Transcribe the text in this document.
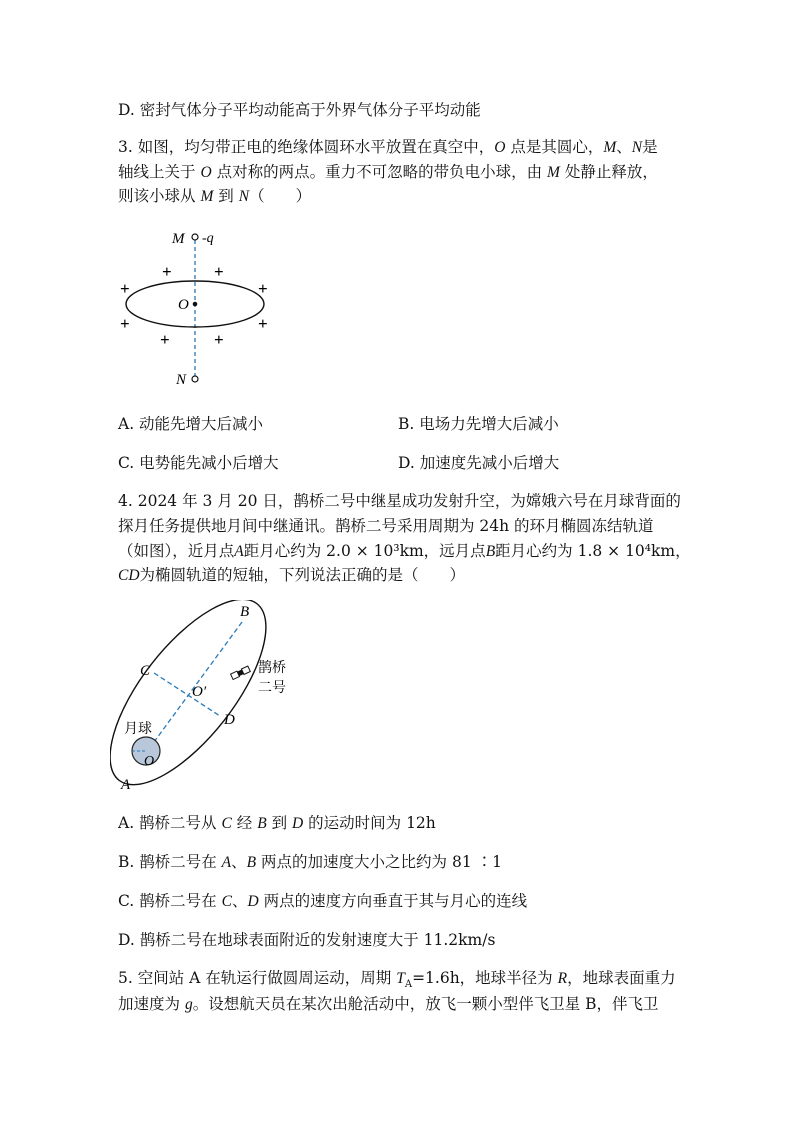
D. 密封气体分子平均动能高于外界气体分子平均动能
3. 如图，均匀带正电的绝缘体圆环水平放置在真空中，O 点是其圆心，M、N是
轴线上关于 O 点对称的两点。重力不可忽略的带负电小球，由 M 处静止释放，
则该小球从 M 到 N（　　）
M -q
O
N
+ +
+	+
+	+
+	+
A. 动能先增大后减小	B. 电场力先增大后减小
C. 电势能先减小后增大	D. 加速度先减小后增大
4. 2024 年 3 月 20 日，鹊桥二号中继星成功发射升空，为嫦娥六号在月球背面的
探月任务提供地月间中继通讯。鹊桥二号采用周期为 24h 的环月椭圆冻结轨道
（如图），近月点A距月心约为 2.0 × 10³km，远月点B距月心约为 1.8 × 10⁴km，
CD为椭圆轨道的短轴，下列说法正确的是（　　）
B
C
O′
D
月球
O
A
鹊桥
二号
A. 鹊桥二号从 C 经 B 到 D 的运动时间为 12h
B. 鹊桥二号在 A、B 两点的加速度大小之比约为 81 ∶1
C. 鹊桥二号在 C、D 两点的速度方向垂直于其与月心的连线
D. 鹊桥二号在地球表面附近的发射速度大于 11.2km/s
5. 空间站 A 在轨运行做圆周运动，周期 $T_A=1.6h$，地球半径为 R，地球表面重力
加速度为 g。设想航天员在某次出舱活动中，放飞一颗小型伴飞卫星 B，伴飞卫
